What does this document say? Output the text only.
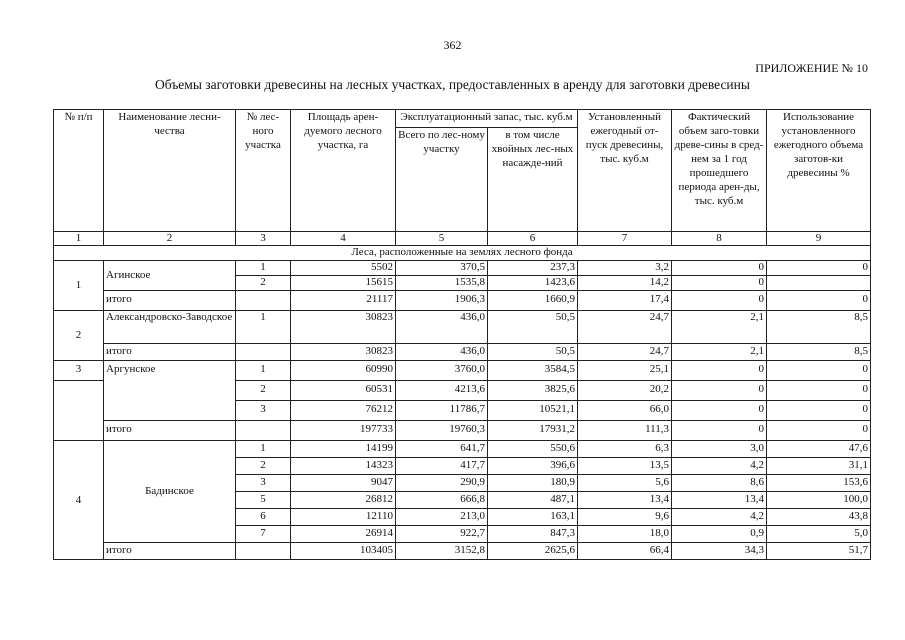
362
ПРИЛОЖЕНИЕ № 10
Объемы заготовки древесины на лесных участках, предоставленных в аренду для заготовки древесины
№ п/п	Наименование лесни-чества	№ лес-ного участка	Площадь арен-дуемого лесного участка, га	Эксплуатационный запас, тыс. куб.м		Установленный ежегодный от-пуск древесины, тыс. куб.м	Фактический объем заго-товки древе-сины в сред-нем за 1 год прошедшего периода арен-ды, тыс. куб.м	Использование установленного ежегодного объема заготов-ки древесины %
				Всего по лес-ному участку	в том числе хвойных лес-ных насажде-ний			
1	2	3	4	5	6	7	8	9
Леса, расположенные на землях лесного фонда								
1	Агинское	1	5502	370,5	237,3	3,2	0	0
		2	15615	1535,8	1423,6	14,2	0	
	итого		21117	1906,3	1660,9	17,4	0	0
2	Александровско-Заводское	1	30823	436,0	50,5	24,7	2,1	8,5
	итого		30823	436,0	50,5	24,7	2,1	8,5
3	Аргунское	1	60990	3760,0	3584,5	25,1	0	0
		2	60531	4213,6	3825,6	20,2	0	0
		3	76212	11786,7	10521,1	66,0	0	0
	итого		197733	19760,3	17931,2	111,3	0	0
4	Бадинское	1	14199	641,7	550,6	6,3	3,0	47,6
		2	14323	417,7	396,6	13,5	4,2	31,1
		3	9047	290,9	180,9	5,6	8,6	153,6
		5	26812	666,8	487,1	13,4	13,4	100,0
		6	12110	213,0	163,1	9,6	4,2	43,8
		7	26914	922,7	847,3	18,0	0,9	5,0
	итого		103405	3152,8	2625,6	66,4	34,3	51,7
